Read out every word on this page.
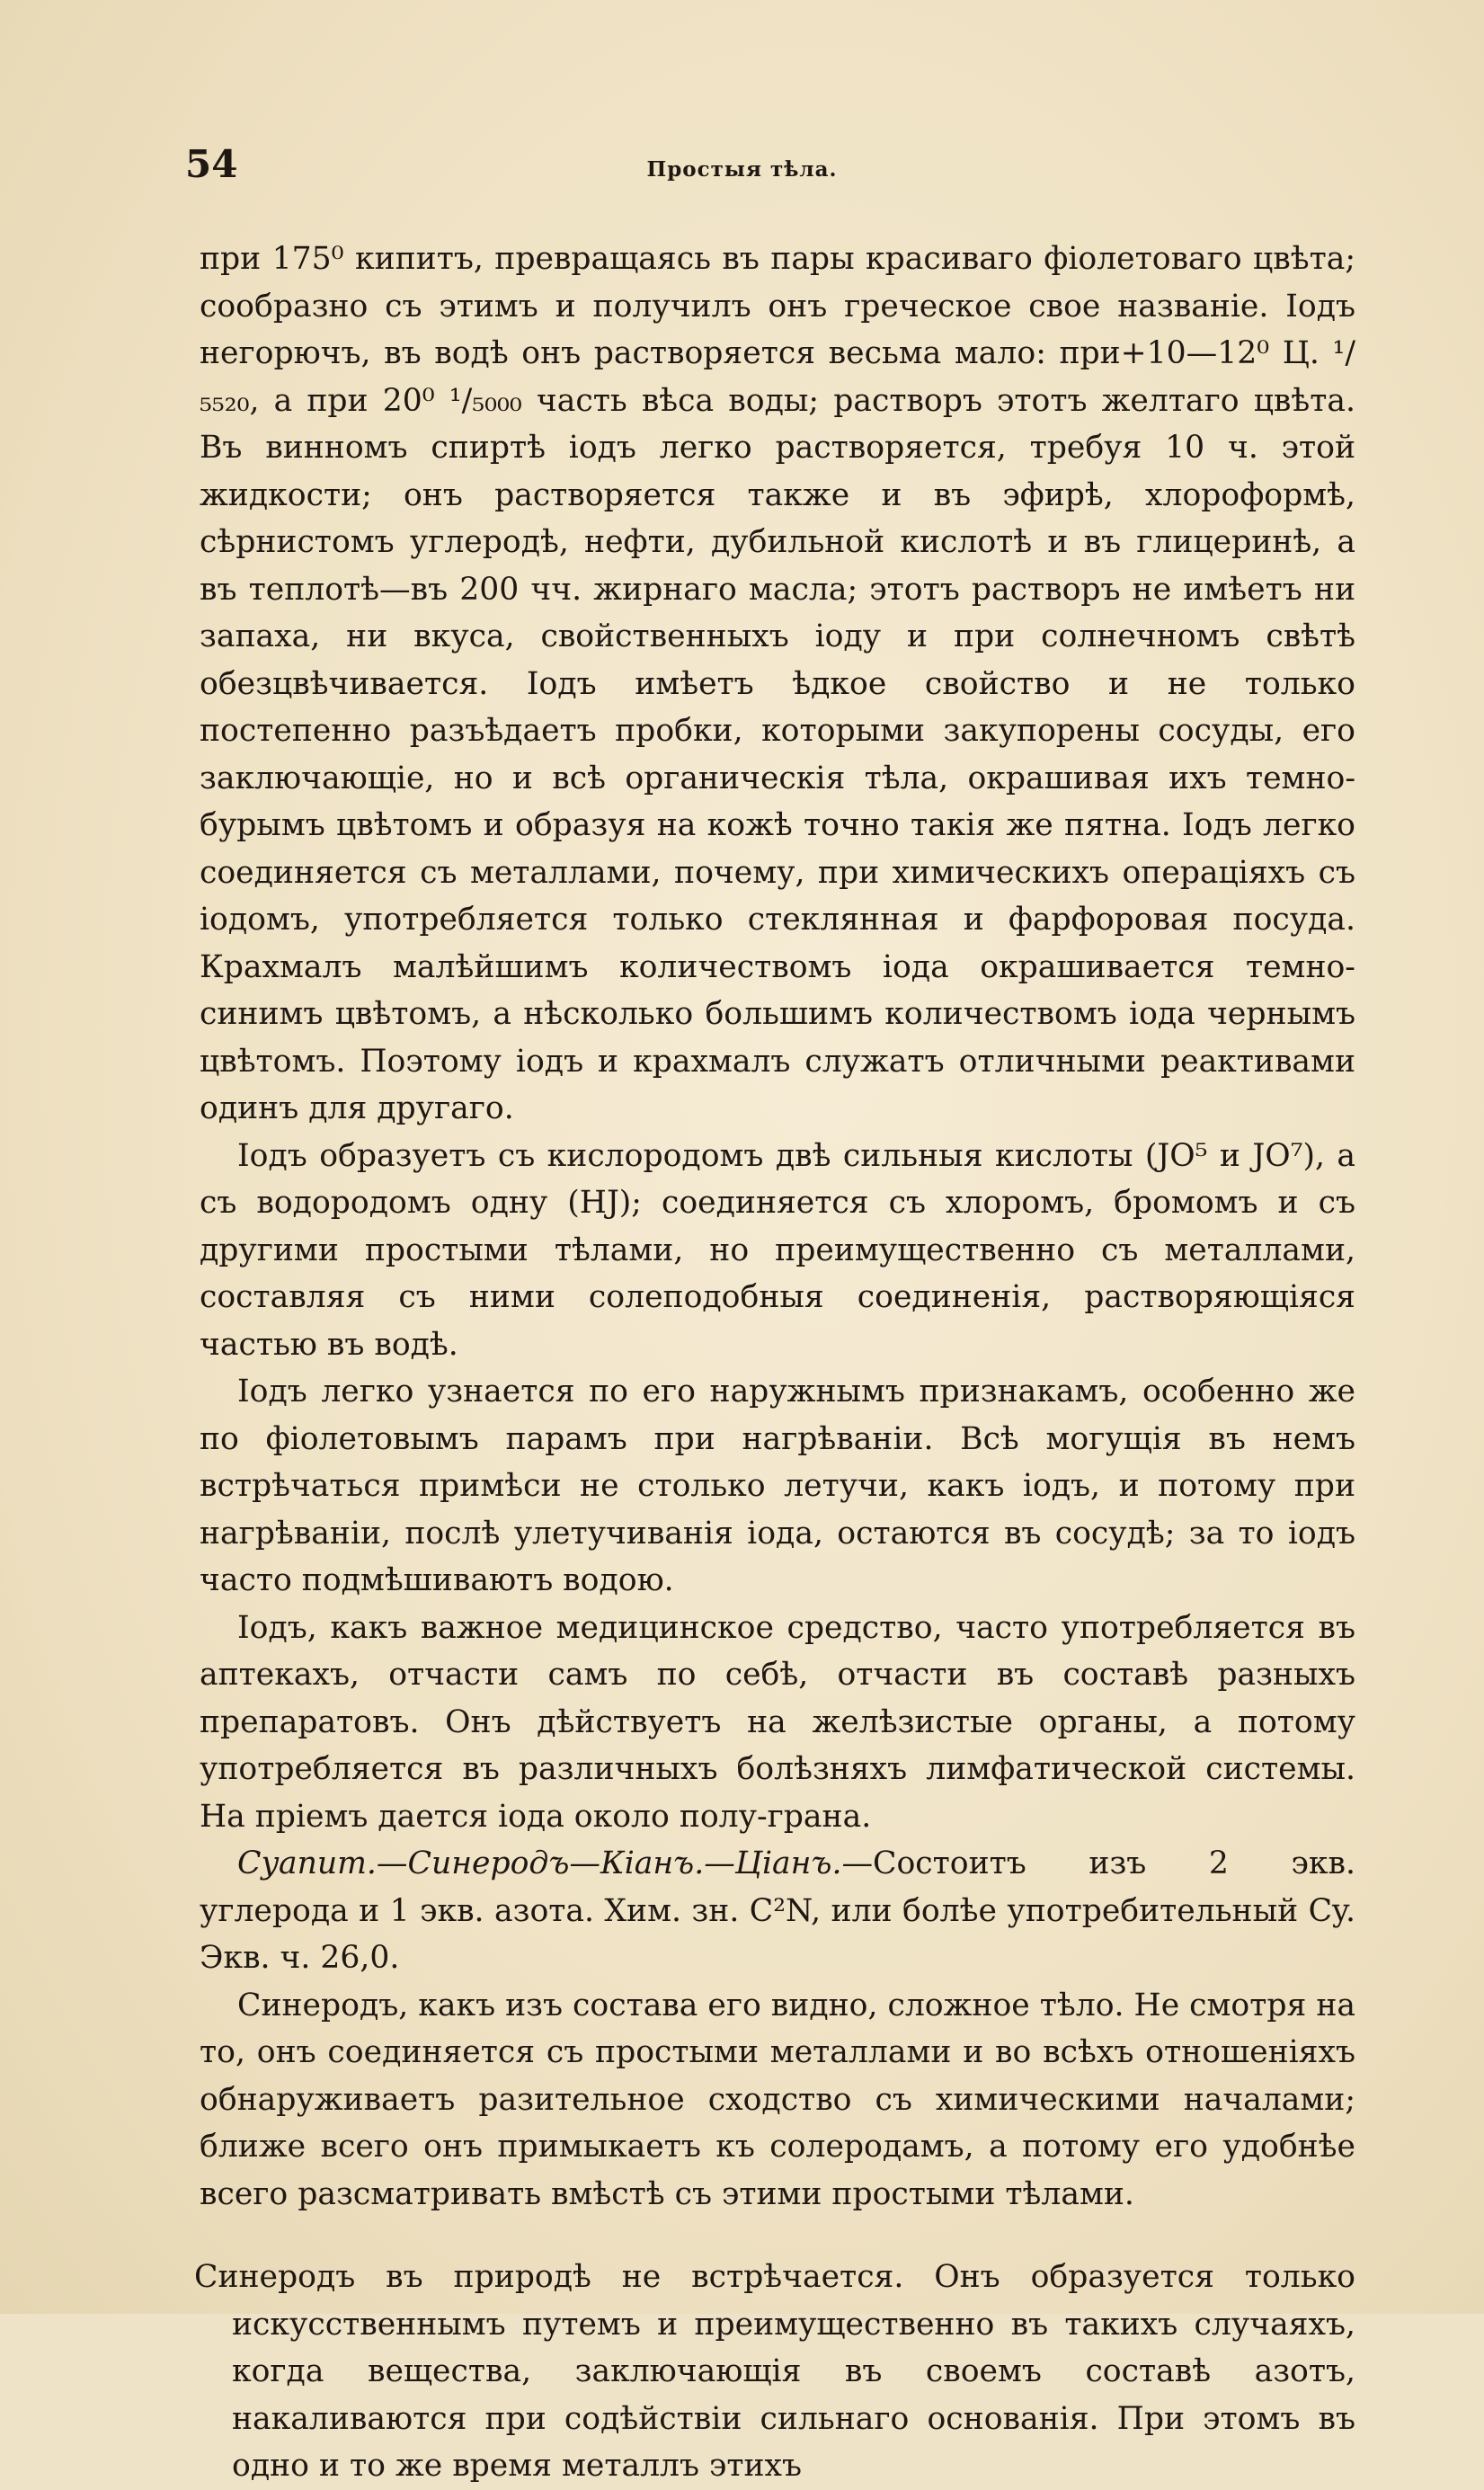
54	Простыя тѣла.

при 175⁰ кипитъ, превращаясь въ пары красиваго фіолетоваго цвѣта; сообразно съ этимъ и получилъ онъ греческое свое названіе. Іодъ негорючъ, въ водѣ онъ растворяется весьма мало: при+10—12⁰ Ц. ¹/₅₅₂₀, а при 20⁰ ¹/₅₀₀₀ часть вѣса воды; растворъ этотъ желтаго цвѣта. Въ винномъ спиртѣ іодъ легко растворяется, требуя 10 ч. этой жидкости; онъ растворяется также и въ эфирѣ, хлороформѣ, сѣрнистомъ углеродѣ, нефти, дубильной кислотѣ и въ глицеринѣ, а въ теплотѣ—въ 200 чч. жирнаго масла; этотъ растворъ не имѣетъ ни запаха, ни вкуса, свойственныхъ іоду и при солнечномъ свѣтѣ обезцвѣчивается. Іодъ имѣетъ ѣдкое свойство и не только постепенно разъѣдаетъ пробки, которыми закупорены сосуды, его заключающіе, но и всѣ органическія тѣла, окрашивая ихъ темно-бурымъ цвѣтомъ и образуя на кожѣ точно такія же пятна. Іодъ легко соединяется съ металлами, почему, при химическихъ операціяхъ съ іодомъ, употребляется только стеклянная и фарфоровая посуда. Крахмалъ малѣйшимъ количествомъ іода окрашивается темно-синимъ цвѣтомъ, а нѣсколько большимъ количествомъ іода чернымъ цвѣтомъ. Поэтому іодъ и крахмалъ служатъ отличными реактивами одинъ для другаго.

Іодъ образуетъ съ кислородомъ двѣ сильныя кислоты (JO⁵ и JO⁷), а съ водородомъ одну (HJ); соединяется съ хлоромъ, бромомъ и съ другими простыми тѣлами, но преимущественно съ металлами, составляя съ ними солеподобныя соединенія, растворяющіяся частью въ водѣ.

Іодъ легко узнается по его наружнымъ признакамъ, особенно же по фіолетовымъ парамъ при нагрѣваніи. Всѣ могущія въ немъ встрѣчаться примѣси не столько летучи, какъ іодъ, и потому при нагрѣваніи, послѣ улетучиванія іода, остаются въ сосудѣ; за то іодъ часто подмѣшиваютъ водою.

Іодъ, какъ важное медицинское средство, часто употребляется въ аптекахъ, отчасти самъ по себѣ, отчасти въ составѣ разныхъ препаратовъ. Онъ дѣйствуетъ на желѣзистые органы, а потому употребляется въ различныхъ болѣзняхъ лимфатической системы. На пріемъ дается іода около полу-грана.

Cyanum.—Синеродъ—Кіанъ.—Ціанъ.—Состоитъ изъ 2 экв. углерода и 1 экв. азота. Хим. зн. C²N, или болѣе употребительный Cy. Экв. ч. 26,0.

Синеродъ, какъ изъ состава его видно, сложное тѣло. Не смотря на то, онъ соединяется съ простыми металлами и во всѣхъ отношеніяхъ обнаруживаетъ разительное сходство съ химическими началами; ближе всего онъ примыкаетъ къ солеродамъ, а потому его удобнѣе всего разсматривать вмѣстѣ съ этими простыми тѣлами.

Синеродъ въ природѣ не встрѣчается. Онъ образуется только искусственнымъ путемъ и преимущественно въ такихъ случаяхъ, когда вещества, заключающія въ своемъ составѣ азотъ, накаливаются при содѣйствіи сильнаго основанія. При этомъ въ одно и то же время металлъ этихъ
